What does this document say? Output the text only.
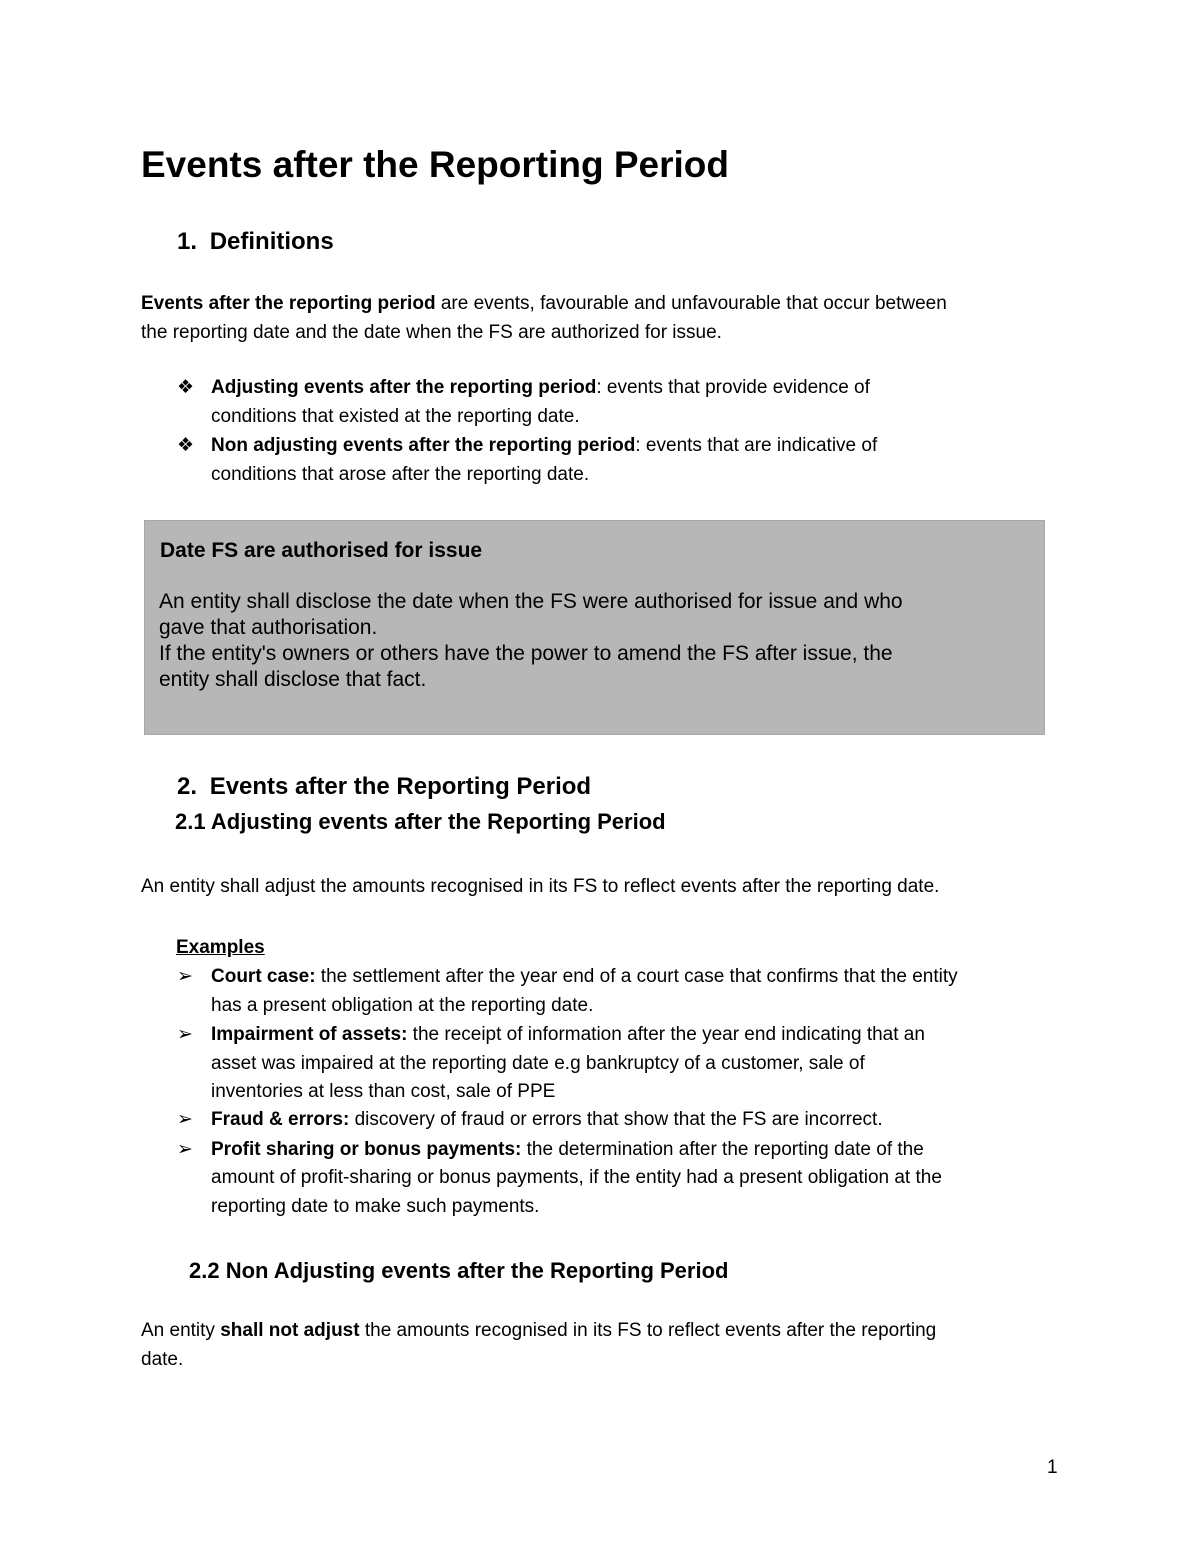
Events after the Reporting Period
1. Definitions
Events after the reporting period are events, favourable and unfavourable that occur between
the reporting date and the date when the FS are authorized for issue.
❖ Adjusting events after the reporting period: events that provide evidence of
conditions that existed at the reporting date.
❖ Non adjusting events after the reporting period: events that are indicative of
conditions that arose after the reporting date.
Date FS are authorised for issue
An entity shall disclose the date when the FS were authorised for issue and who
gave that authorisation.
If the entity's owners or others have the power to amend the FS after issue, the
entity shall disclose that fact.
2. Events after the Reporting Period
2.1 Adjusting events after the Reporting Period
An entity shall adjust the amounts recognised in its FS to reflect events after the reporting date.
Examples
➢ Court case: the settlement after the year end of a court case that confirms that the entity
has a present obligation at the reporting date.
➢ Impairment of assets: the receipt of information after the year end indicating that an
asset was impaired at the reporting date e.g bankruptcy of a customer, sale of
inventories at less than cost, sale of PPE
➢ Fraud & errors: discovery of fraud or errors that show that the FS are incorrect.
➢ Profit sharing or bonus payments: the determination after the reporting date of the
amount of profit-sharing or bonus payments, if the entity had a present obligation at the
reporting date to make such payments.
2.2 Non Adjusting events after the Reporting Period
An entity shall not adjust the amounts recognised in its FS to reflect events after the reporting
date.
1
